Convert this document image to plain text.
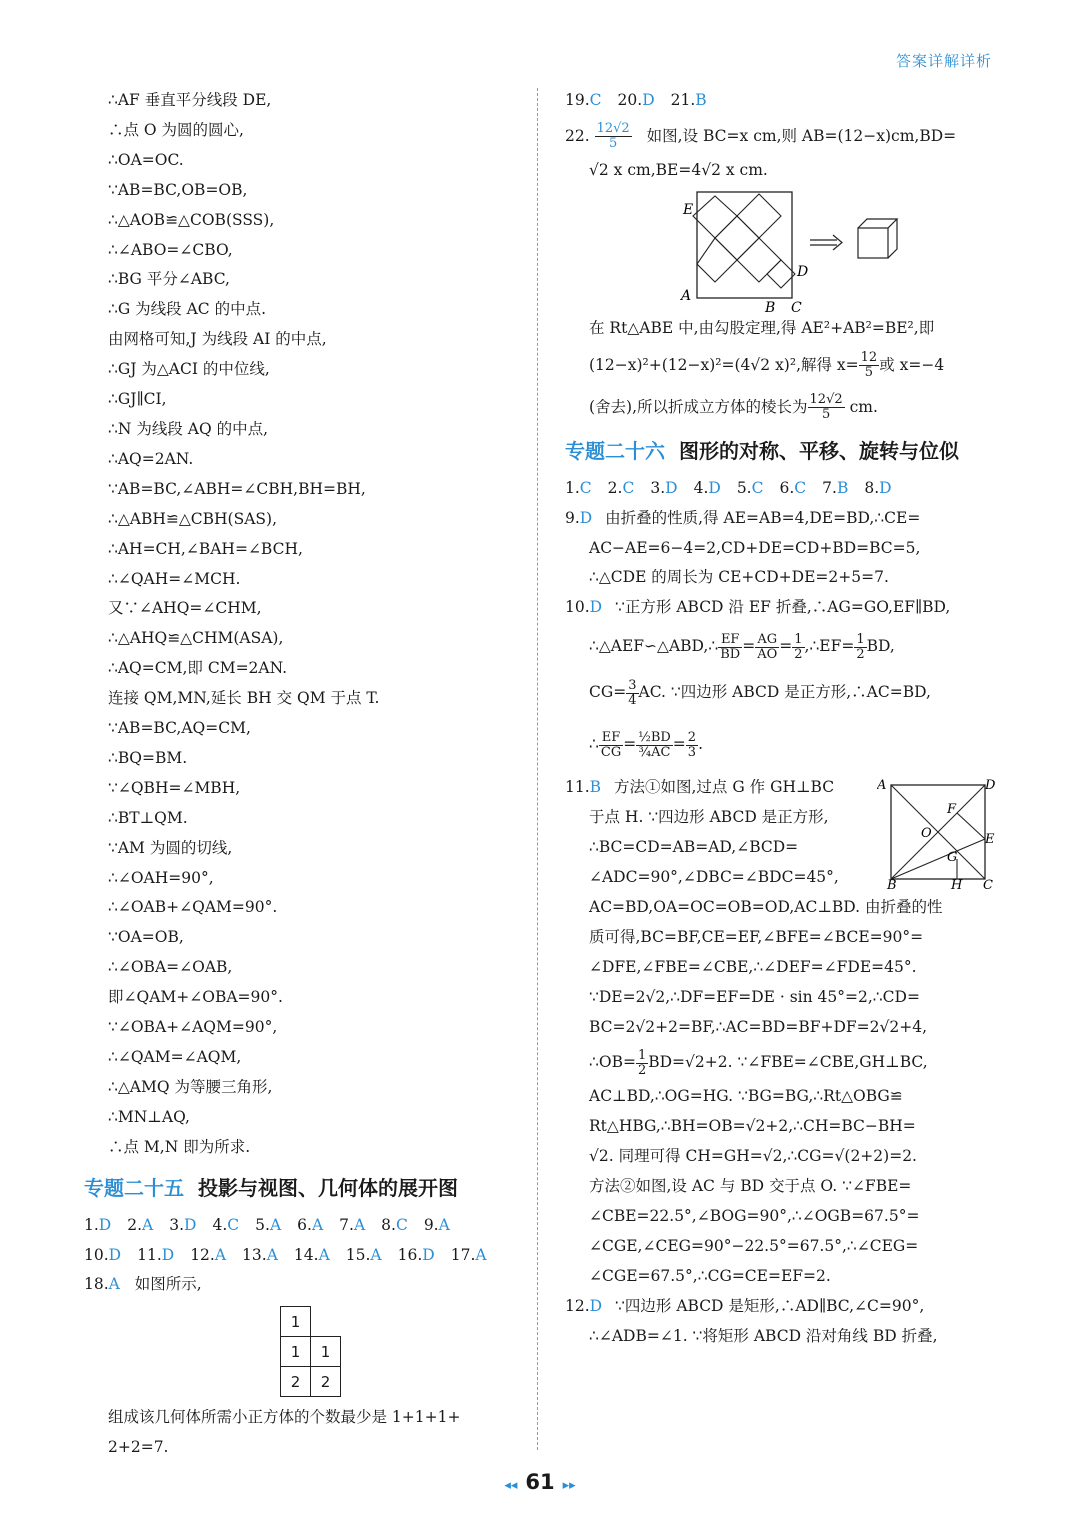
答案详解详析
∴AF 垂直平分线段 DE,
∴点 O 为圆的圆心,
∴OA=OC.
∵AB=BC,OB=OB,
∴△AOB≌△COB(SSS),
∴∠ABO=∠CBO,
∴BG 平分∠ABC,
∴G 为线段 AC 的中点.
由网格可知,J 为线段 AI 的中点,
∴GJ 为△ACI 的中位线,
∴GJ∥CI,
∴N 为线段 AQ 的中点,
∴AQ=2AN.
∵AB=BC,∠ABH=∠CBH,BH=BH,
∴△ABH≌△CBH(SAS),
∴AH=CH,∠BAH=∠BCH,
∴∠QAH=∠MCH.
又∵∠AHQ=∠CHM,
∴△AHQ≌△CHM(ASA),
∴AQ=CM,即 CM=2AN.
连接 QM,MN,延长 BH 交 QM 于点 T.
∵AB=BC,AQ=CM,
∴BQ=BM.
∵∠QBH=∠MBH,
∴BT⊥QM.
∵AM 为圆的切线,
∴∠OAH=90°,
∴∠OAB+∠QAM=90°.
∵OA=OB,
∴∠OBA=∠OAB,
即∠QAM+∠OBA=90°.
∵∠OBA+∠AQM=90°,
∴∠QAM=∠AQM,
∴△AMQ 为等腰三角形,
∴MN⊥AQ,
∴点 M,N 即为所求.
专题二十五 投影与视图、几何体的展开图
1.D 2.A 3.D 4.C 5.A 6.A 7.A 8.C 9.A
10.D 11.D 12.A 13.A 14.A 15.A 16.D 17.A
18.A 如图所示,
1	
1	1
2	2
组成该几何体所需小正方体的个数最少是 1+1+1+
2+2=7.
19.C 20.D 21.B
22. $\frac{12√2}{5}$ 如图,设 BC=x cm,则 AB=(12−x)cm,BD=
√2 x cm,BE=4√2 x cm.
E
D
A
B C
在 Rt△ABE 中,由勾股定理,得 AE²+AB²=BE²,即
(12−x)²+(12−x)²=(4√2 x)²,解得 $x= \frac{12}{5}$ 或 x=−4
(舍去),所以折成立方体的棱长为 $\frac{12√2}{5}$ cm.
专题二十六 图形的对称、平移、旋转与位似
1.C 2.C 3.D 4.D 5.C 6.C 7.B 8.D
9.D 由折叠的性质,得 AE=AB=4,DE=BD,∴CE=
AC−AE=6−4=2,CD+DE=CD+BD=BC=5,
∴△CDE 的周长为 CE+CD+DE=2+5=7.
10.D ∵正方形 ABCD 沿 EF 折叠,∴AG=GO,EF∥BD,
∴△AEF∽△ABD,∴ $\frac{EF}{BD} = \frac{AG}{AO} = \frac{1}{2}$ ,∴EF= $\frac{1}{2}$ BD,
$CG= \frac{3}{4}$ AC. ∵四边形 ABCD 是正方形,∴AC=BD,
∴ $\frac{EF}{CG} = \frac{\text{½BD}}{\text{¾AC}} = \frac{2}{3}$ .
A	D
F
O	E
G
B	H C
11.B 方法①如图,过点 G 作 GH⊥BC
于点 H. ∵四边形 ABCD 是正方形,
∴BC=CD=AB=AD,∠BCD=
∠ADC=90°,∠DBC=∠BDC=45°,
AC=BD,OA=OC=OB=OD,AC⊥BD. 由折叠的性
质可得,BC=BF,CE=EF,∠BFE=∠BCE=90°=
∠DFE,∠FBE=∠CBE,∴∠DEF=∠FDE=45°.
∵DE=2√2,∴DF=EF=DE · sin 45°=2,∴CD=
BC=2√2+2=BF,∴AC=BD=BF+DF=2√2+4,
∴OB= $\frac{1}{2} BD=√2+2$. ∵∠FBE=∠CBE,GH⊥BC,
AC⊥BD,∴OG=HG. ∵BG=BG,∴Rt△OBG≌
Rt△HBG,∴BH=OB=√2+2,∴CH=BC−BH=
√2. 同理可得 CH=GH=√2,∴CG=√(2+2)=2.
方法②如图,设 AC 与 BD 交于点 O. ∵∠FBE=
∠CBE=22.5°,∠BOG=90°,∴∠OGB=67.5°=
∠CGE,∠CEG=90°−22.5°=67.5°,∴∠CEG=
∠CGE=67.5°,∴CG=CE=EF=2.
12.D ∵四边形 ABCD 是矩形,∴AD∥BC,∠C=90°,
∴∠ADB=∠1. ∵将矩形 ABCD 沿对角线 BD 折叠,
◂◂ 61 ▸▸
